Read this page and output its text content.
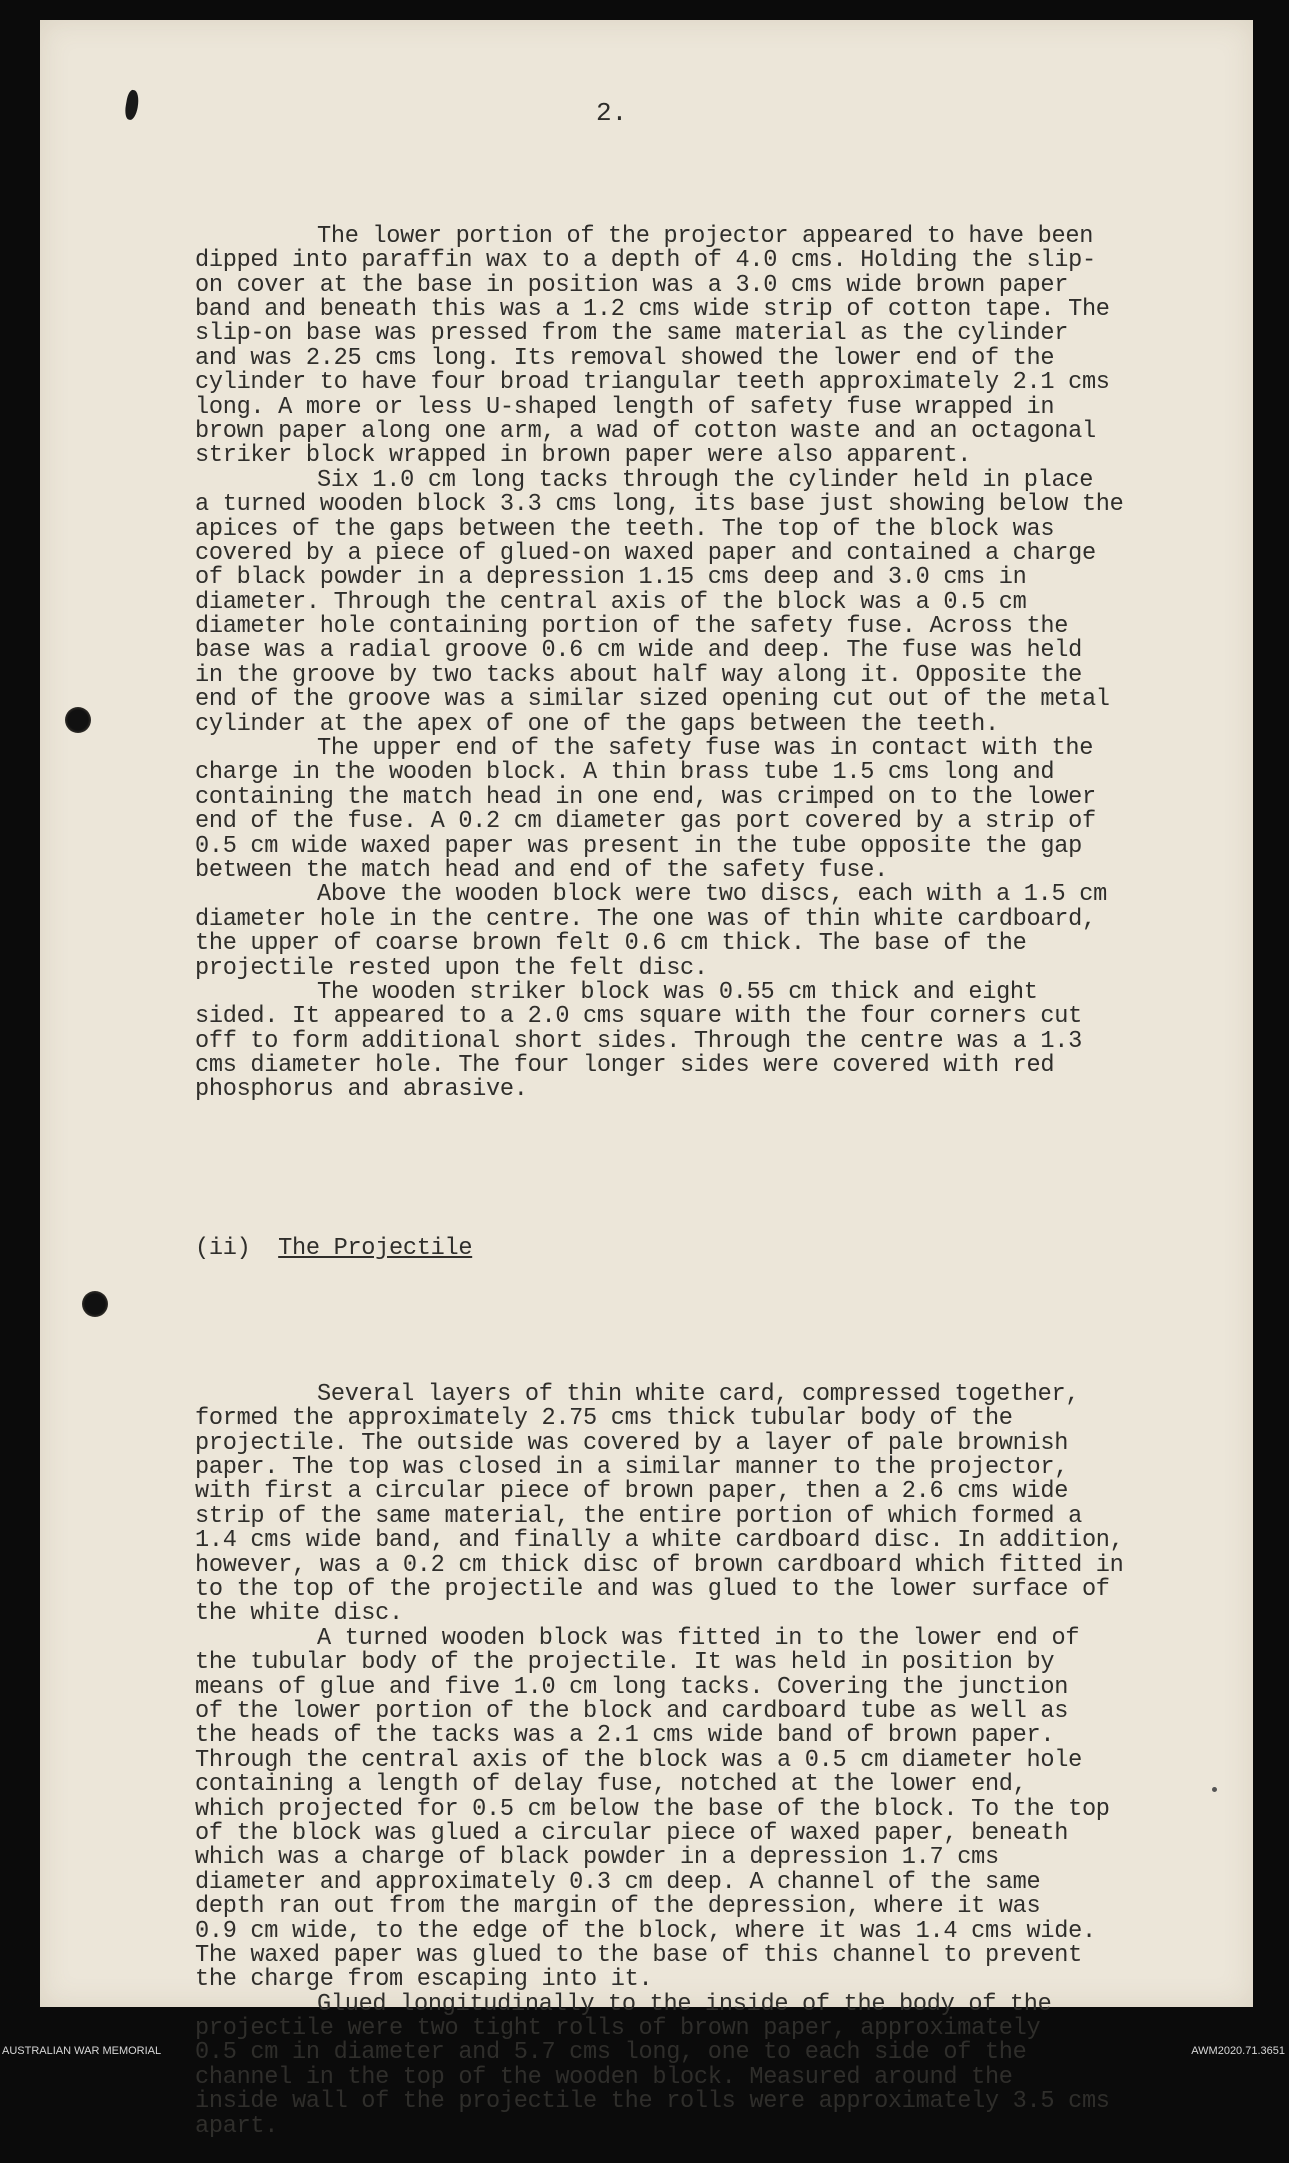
2.

The lower portion of the projector appeared to have been
dipped into paraffin wax to a depth of 4.0 cms. Holding the slip-
on cover at the base in position was a 3.0 cms wide brown paper
band and beneath this was a 1.2 cms wide strip of cotton tape. The
slip-on base was pressed from the same material as the cylinder
and was 2.25 cms long. Its removal showed the lower end of the
cylinder to have four broad triangular teeth approximately 2.1 cms
long. A more or less U-shaped length of safety fuse wrapped in
brown paper along one arm, a wad of cotton waste and an octagonal
striker block wrapped in brown paper were also apparent.
Six 1.0 cm long tacks through the cylinder held in place
a turned wooden block 3.3 cms long, its base just showing below the
apices of the gaps between the teeth. The top of the block was
covered by a piece of glued-on waxed paper and contained a charge
of black powder in a depression 1.15 cms deep and 3.0 cms in
diameter. Through the central axis of the block was a 0.5 cm
diameter hole containing portion of the safety fuse. Across the
base was a radial groove 0.6 cm wide and deep. The fuse was held
in the groove by two tacks about half way along it. Opposite the
end of the groove was a similar sized opening cut out of the metal
cylinder at the apex of one of the gaps between the teeth.
The upper end of the safety fuse was in contact with the
charge in the wooden block. A thin brass tube 1.5 cms long and
containing the match head in one end, was crimped on to the lower
end of the fuse. A 0.2 cm diameter gas port covered by a strip of
0.5 cm wide waxed paper was present in the tube opposite the gap
between the match head and end of the safety fuse.
Above the wooden block were two discs, each with a 1.5 cm
diameter hole in the centre. The one was of thin white cardboard,
the upper of coarse brown felt 0.6 cm thick. The base of the
projectile rested upon the felt disc.
The wooden striker block was 0.55 cm thick and eight
sided. It appeared to a 2.0 cms square with the four corners cut
off to form additional short sides. Through the centre was a 1.3
cms diameter hole. The four longer sides were covered with red
phosphorus and abrasive.

(ii) The Projectile

Several layers of thin white card, compressed together,
formed the approximately 2.75 cms thick tubular body of the
projectile. The outside was covered by a layer of pale brownish
paper. The top was closed in a similar manner to the projector,
with first a circular piece of brown paper, then a 2.6 cms wide
strip of the same material, the entire portion of which formed a
1.4 cms wide band, and finally a white cardboard disc. In addition,
however, was a 0.2 cm thick disc of brown cardboard which fitted in
to the top of the projectile and was glued to the lower surface of
the white disc.
A turned wooden block was fitted in to the lower end of
the tubular body of the projectile. It was held in position by
means of glue and five 1.0 cm long tacks. Covering the junction
of the lower portion of the block and cardboard tube as well as
the heads of the tacks was a 2.1 cms wide band of brown paper.
Through the central axis of the block was a 0.5 cm diameter hole
containing a length of delay fuse, notched at the lower end,
which projected for 0.5 cm below the base of the block. To the top
of the block was glued a circular piece of waxed paper, beneath
which was a charge of black powder in a depression 1.7 cms
diameter and approximately 0.3 cm deep. A channel of the same
depth ran out from the margin of the depression, where it was
0.9 cm wide, to the edge of the block, where it was 1.4 cms wide.
The waxed paper was glued to the base of this channel to prevent
the charge from escaping into it.
Glued longitudinally to the inside of the body of the
projectile were two tight rolls of brown paper, approximately
0.5 cm in diameter and 5.7 cms long, one to each side of the
channel in the top of the wooden block. Measured around the
inside wall of the projectile the rolls were approximately 3.5 cms
apart.

AUSTRALIAN WAR MEMORIAL	AWM2020.71.3651
